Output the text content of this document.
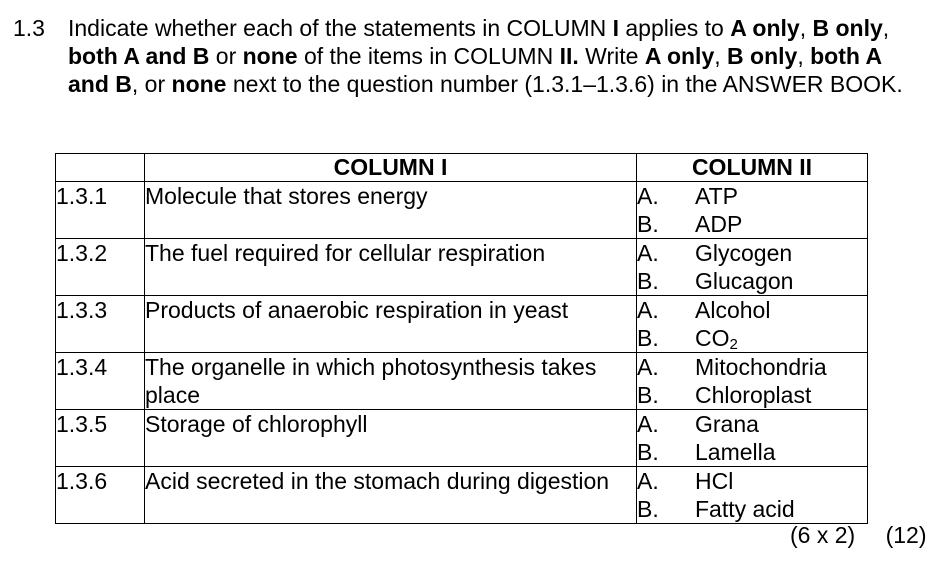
1.3 Indicate whether each of the statements in COLUMN I applies to A only, B only, both A and B or none of the items in COLUMN II. Write A only, B only, both A and B, or none next to the question number (1.3.1–1.3.6) in the ANSWER BOOK.
	COLUMN I	COLUMN II
1.3.1	Molecule that stores energy	A. ATP
B. ADP

1.3.2	The fuel required for cellular respiration	A. Glycogen
B. Glucagon

1.3.3	Products of anaerobic respiration in yeast	A. Alcohol
B. $CO_2$

1.3.4	The organelle in which photosynthesis takes place	A. Mitochondria
B. Chloroplast

1.3.5	Storage of chlorophyll	A. Grana
B. Lamella

1.3.6	Acid secreted in the stomach during digestion	A. HCl
B. Fatty acid
(6 x 2) (12)
